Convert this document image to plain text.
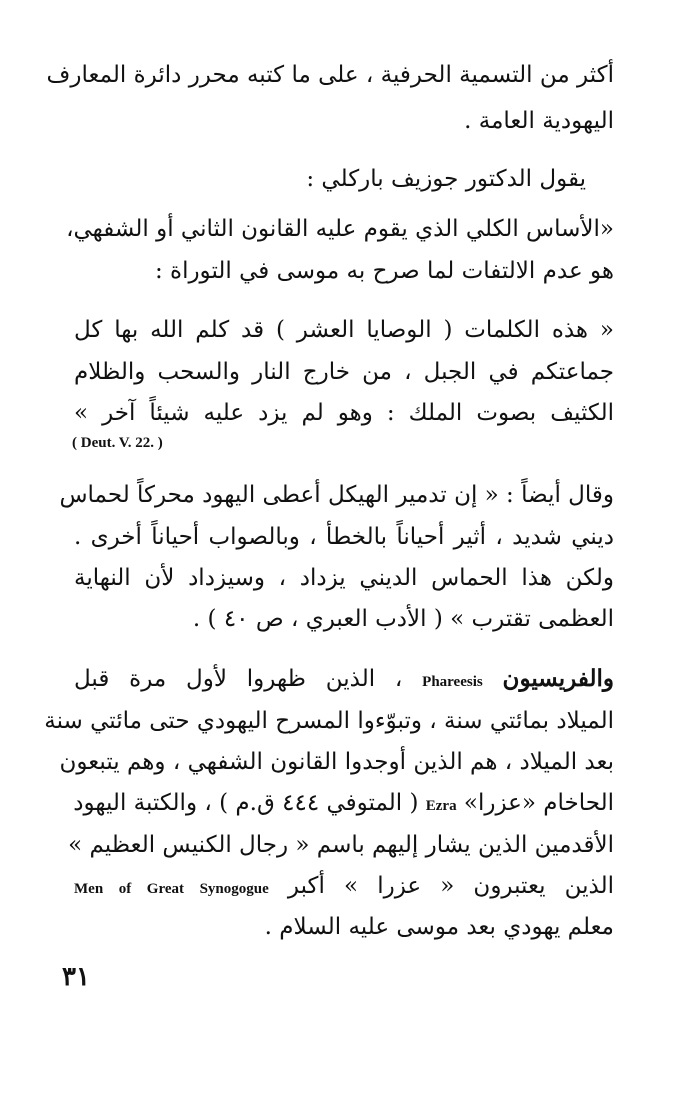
أكثر من التسمية الحرفية ، على ما كتبه محرر دائرة المعارف
اليهودية العامة .
يقول الدكتور جوزيف باركلي :
«الأساس الكلي الذي يقوم عليه القانون الثاني أو الشفهي،
هو عدم الالتفات لما صرح به موسى في التوراة :
« هذه الكلمات ( الوصايا العشر ) قد كلم الله بها كل
جماعتكم في الجبل ، من خارج النار والسحب والظلام
الكثيف بصوت الملك : وهو لم يزد عليه شيئاً آخر »
( Deut. V. 22. )
وقال أيضاً : « إن تدمير الهيكل أعطى اليهود محركاً لحماس
ديني شديد ، أثير أحياناً بالخطأ ، وبالصواب أحياناً أخرى .
ولكن هذا الحماس الديني يزداد ، وسيزداد لأن النهاية
العظمى تقترب » ( الأدب العبري ، ص ٤٠ ) .
والفريسيون Phareesis ، الذين ظهروا لأول مرة قبل
الميلاد بمائتي سنة ، وتبوّءوا المسرح اليهودي حتى مائتي سنة
بعد الميلاد ، هم الذين أوجدوا القانون الشفهي ، وهم يتبعون
الحاخام «عزرا» Ezra ( المتوفي ٤٤٤ ق.م ) ، والكتبة اليهود
الأقدمين الذين يشار إليهم باسم « رجال الكنيس العظيم »
الذين يعتبرون « عزرا » أكبر Men of Great Synogogue
معلم يهودي بعد موسى عليه السلام .
٣١
